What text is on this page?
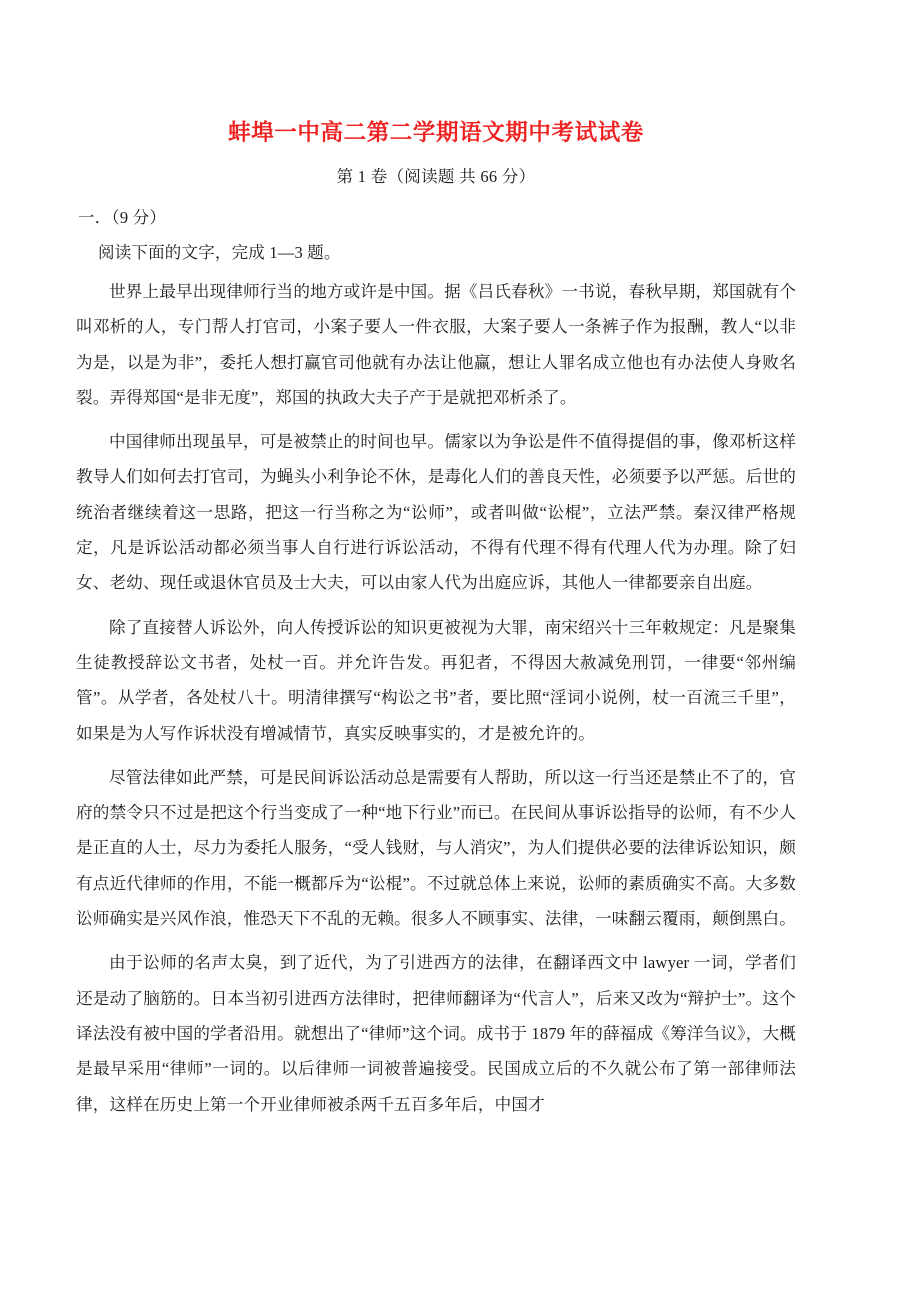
蚌埠一中高二第二学期语文期中考试试卷
第 1 卷（阅读题 共 66 分）
一．（9 分）
阅读下面的文字，完成 1—3 题。

世界上最早出现律师行当的地方或许是中国。据《吕氏春秋》一书说，春秋早期，郑国就有个叫邓析的人，专门帮人打官司，小案子要人一件衣服，大案子要人一条裤子作为报酬，教人“以非为是，以是为非”，委托人想打赢官司他就有办法让他赢，想让人罪名成立他也有办法使人身败名裂。弄得郑国“是非无度”，郑国的执政大夫子产于是就把邓析杀了。

中国律师出现虽早，可是被禁止的时间也早。儒家以为争讼是件不值得提倡的事，像邓析这样教导人们如何去打官司，为蝇头小利争论不休，是毒化人们的善良天性，必须要予以严惩。后世的统治者继续着这一思路，把这一行当称之为“讼师”，或者叫做“讼棍”，立法严禁。秦汉律严格规定，凡是诉讼活动都必须当事人自行进行诉讼活动，不得有代理不得有代理人代为办理。除了妇女、老幼、现任或退休官员及士大夫，可以由家人代为出庭应诉，其他人一律都要亲自出庭。

除了直接替人诉讼外，向人传授诉讼的知识更被视为大罪，南宋绍兴十三年敕规定：凡是聚集生徒教授辞讼文书者，处杖一百。并允许告发。再犯者，不得因大赦减免刑罚，一律要“邻州编管”。从学者，各处杖八十。明清律撰写“构讼之书”者，要比照“淫词小说例，杖一百流三千里”，如果是为人写作诉状没有增减情节，真实反映事实的，才是被允许的。

尽管法律如此严禁，可是民间诉讼活动总是需要有人帮助，所以这一行当还是禁止不了的，官府的禁令只不过是把这个行当变成了一种“地下行业”而已。在民间从事诉讼指导的讼师，有不少人是正直的人士，尽力为委托人服务，“受人钱财，与人消灾”，为人们提供必要的法律诉讼知识，颇有点近代律师的作用，不能一概都斥为“讼棍”。不过就总体上来说，讼师的素质确实不高。大多数讼师确实是兴风作浪，惟恐天下不乱的无赖。很多人不顾事实、法律，一味翻云覆雨，颠倒黑白。

由于讼师的名声太臭，到了近代，为了引进西方的法律，在翻译西文中 lawyer 一词，学者们还是动了脑筋的。日本当初引进西方法律时，把律师翻译为“代言人”，后来又改为“辩护士”。这个译法没有被中国的学者沿用。就想出了“律师”这个词。成书于 1879 年的薛福成《筹洋刍议》，大概是最早采用“律师”一词的。以后律师一词被普遍接受。民国成立后的不久就公布了第一部律师法律，这样在历史上第一个开业律师被杀两千五百多年后，中国才
